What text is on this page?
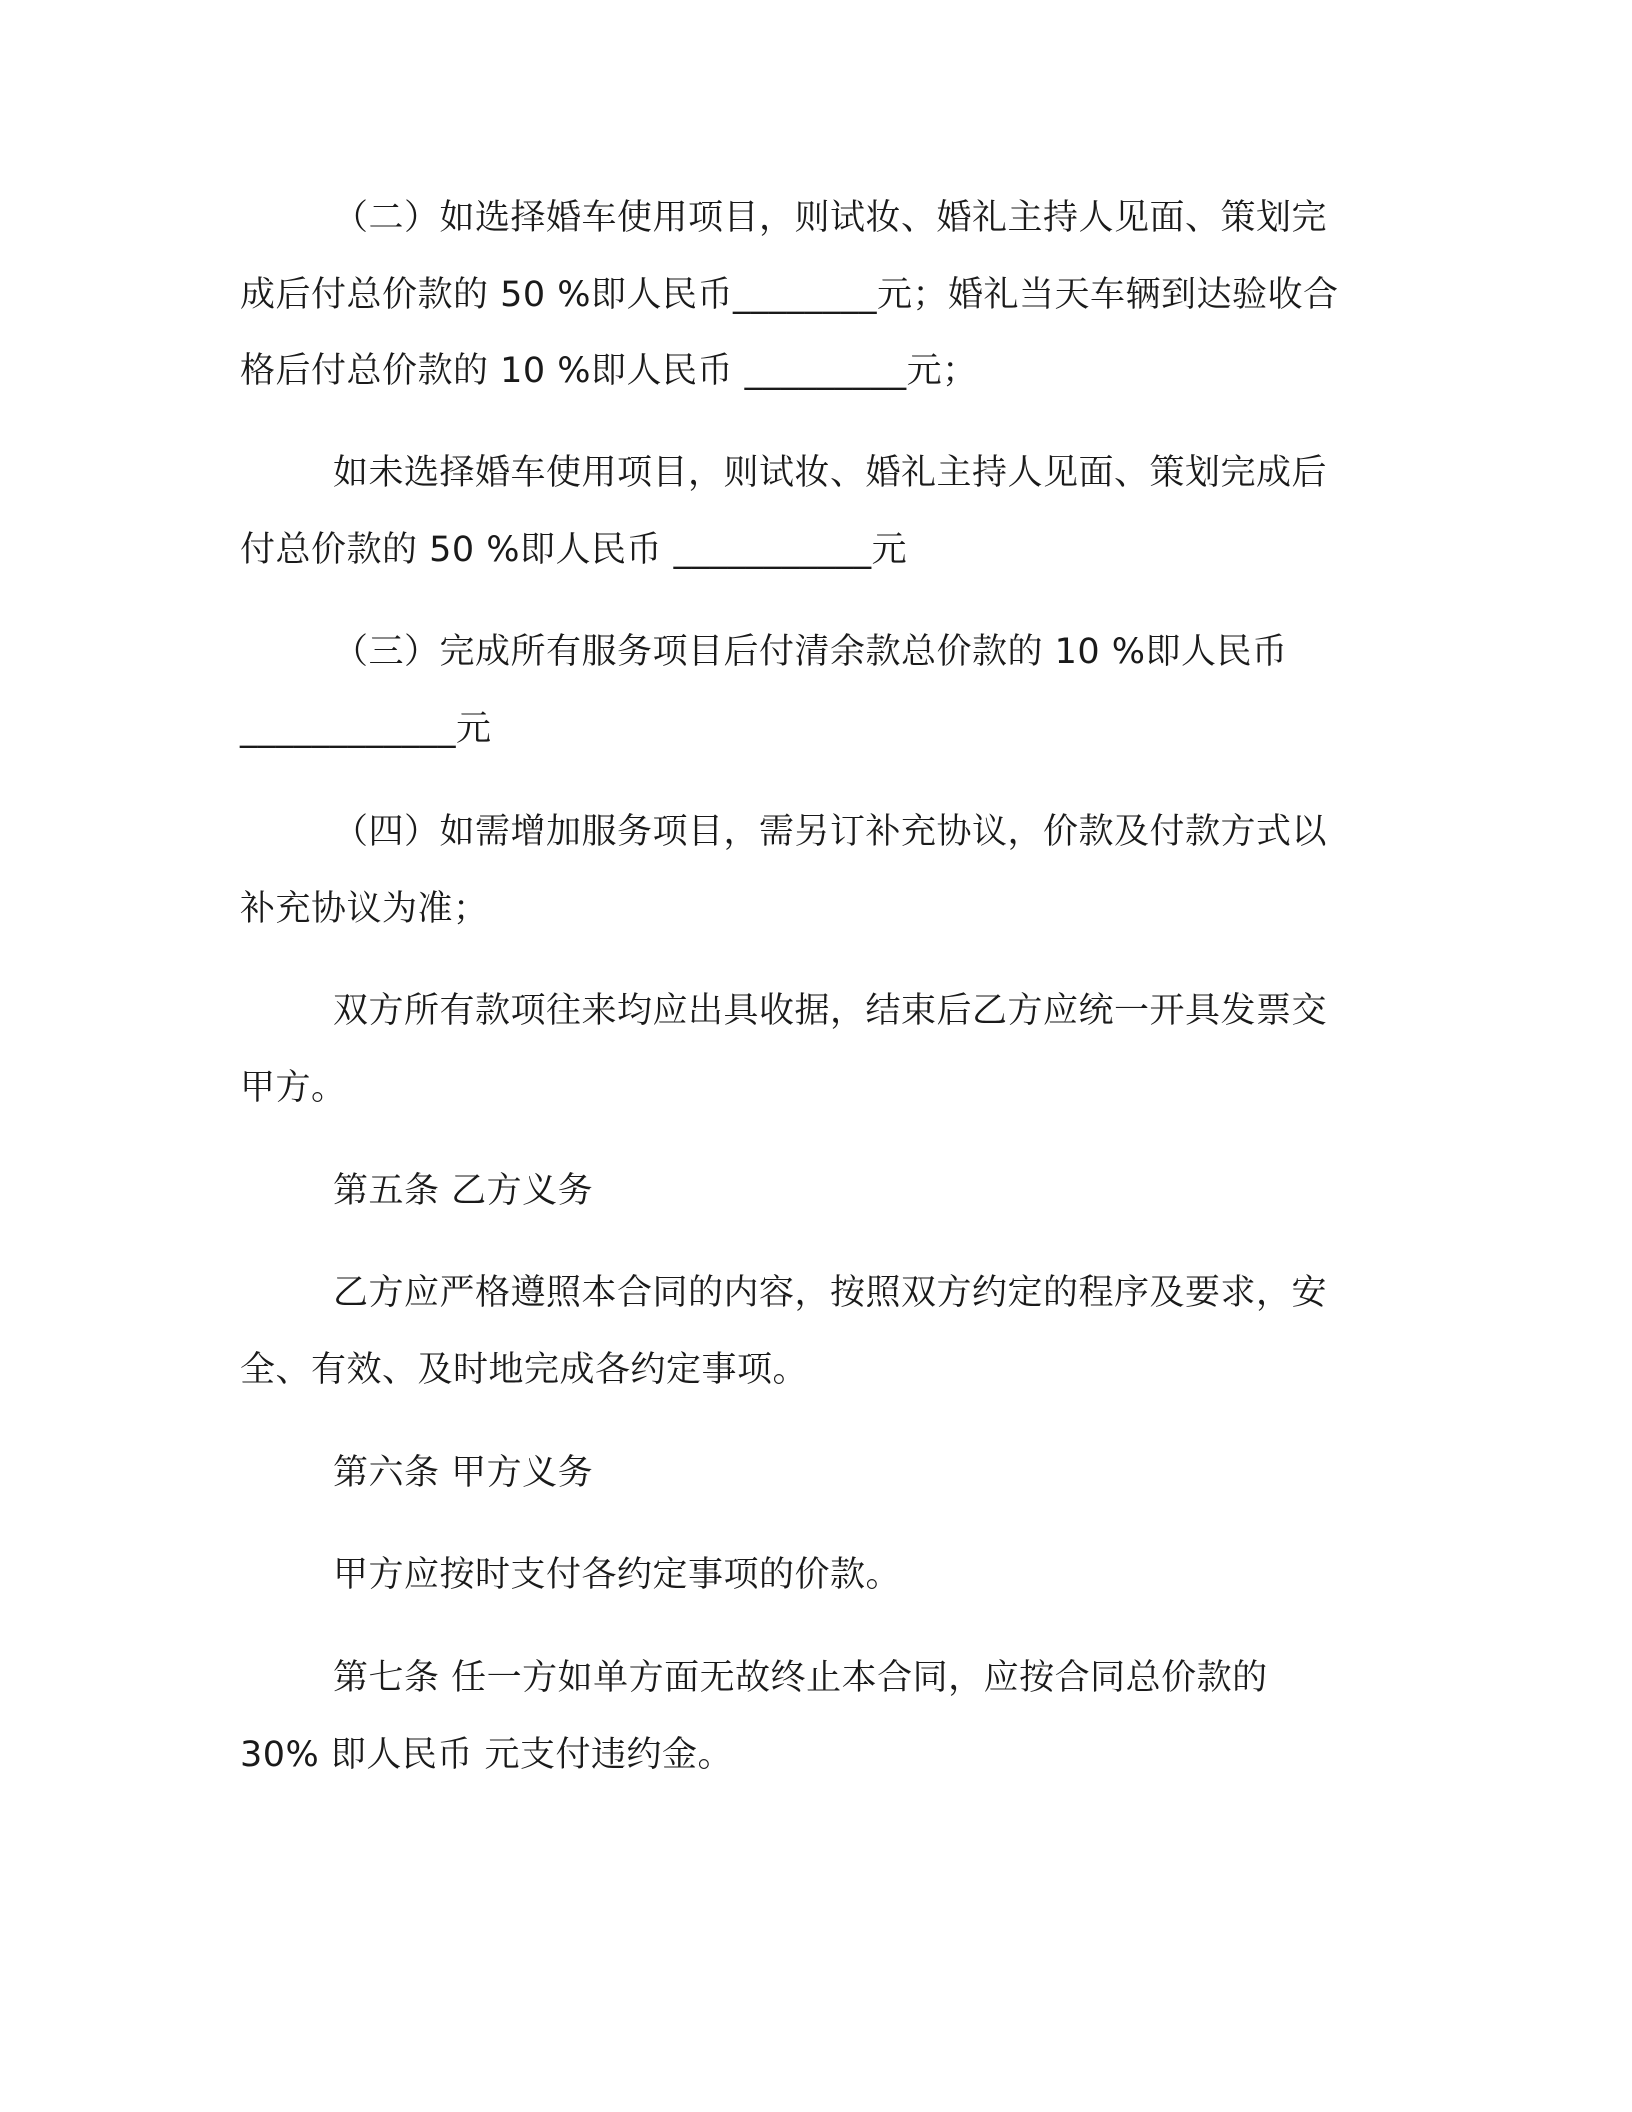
（二）如选择婚车使用项目，则试妆、婚礼主持人见面、策划完
成后付总价款的 50 %即人民币________元；婚礼当天车辆到达验收合
格后付总价款的 10 %即人民币 _________元；
如未选择婚车使用项目，则试妆、婚礼主持人见面、策划完成后
付总价款的 50 %即人民币 ___________元
（三）完成所有服务项目后付清余款总价款的 10 %即人民币
____________元
（四）如需增加服务项目，需另订补充协议，价款及付款方式以
补充协议为准；
双方所有款项往来均应出具收据，结束后乙方应统一开具发票交
甲方。
第五条 乙方义务
乙方应严格遵照本合同的内容，按照双方约定的程序及要求，安
全、有效、及时地完成各约定事项。
第六条 甲方义务
甲方应按时支付各约定事项的价款。
第七条 任一方如单方面无故终止本合同，应按合同总价款的
30% 即人民币 元支付违约金。
